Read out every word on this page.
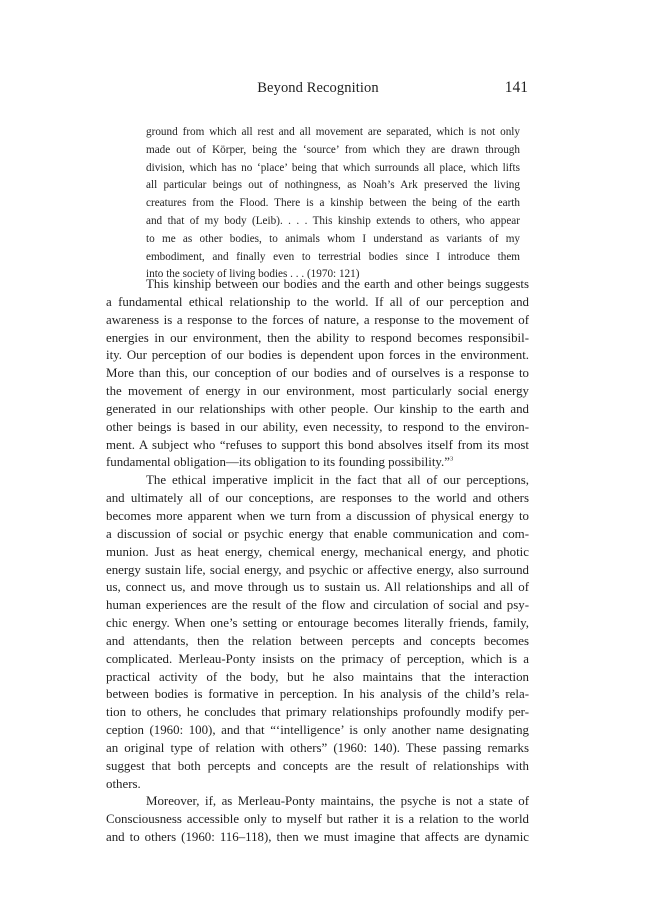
Beyond Recognition	141
ground from which all rest and all movement are separated, which is not only
made out of Körper, being the ‘source’ from which they are drawn through
division, which has no ‘place’ being that which surrounds all place, which lifts
all particular beings out of nothingness, as Noah’s Ark preserved the living
creatures from the Flood. There is a kinship between the being of the earth
and that of my body (Leib). . . . This kinship extends to others, who appear
to me as other bodies, to animals whom I understand as variants of my
embodiment, and finally even to terrestrial bodies since I introduce them
into the society of living bodies . . . (1970: 121)
This kinship between our bodies and the earth and other beings suggests
a fundamental ethical relationship to the world. If all of our perception and
awareness is a response to the forces of nature, a response to the movement of
energies in our environment, then the ability to respond becomes responsibil-
ity. Our perception of our bodies is dependent upon forces in the environment.
More than this, our conception of our bodies and of ourselves is a response to
the movement of energy in our environment, most particularly social energy
generated in our relationships with other people. Our kinship to the earth and
other beings is based in our ability, even necessity, to respond to the environ-
ment. A subject who “refuses to support this bond absolves itself from its most
fundamental obligation—its obligation to its founding possibility.”$^3$
The ethical imperative implicit in the fact that all of our perceptions,
and ultimately all of our conceptions, are responses to the world and others
becomes more apparent when we turn from a discussion of physical energy to
a discussion of social or psychic energy that enable communication and com-
munion. Just as heat energy, chemical energy, mechanical energy, and photic
energy sustain life, social energy, and psychic or affective energy, also surround
us, connect us, and move through us to sustain us. All relationships and all of
human experiences are the result of the flow and circulation of social and psy-
chic energy. When one’s setting or entourage becomes literally friends, family,
and attendants, then the relation between percepts and concepts becomes
complicated. Merleau-Ponty insists on the primacy of perception, which is a
practical activity of the body, but he also maintains that the interaction
between bodies is formative in perception. In his analysis of the child’s rela-
tion to others, he concludes that primary relationships profoundly modify per-
ception (1960: 100), and that “‘intelligence’ is only another name designating
an original type of relation with others” (1960: 140). These passing remarks
suggest that both percepts and concepts are the result of relationships with
others.
Moreover, if, as Merleau-Ponty maintains, the psyche is not a state of
Consciousness accessible only to myself but rather it is a relation to the world
and to others (1960: 116–118), then we must imagine that affects are dynamic
